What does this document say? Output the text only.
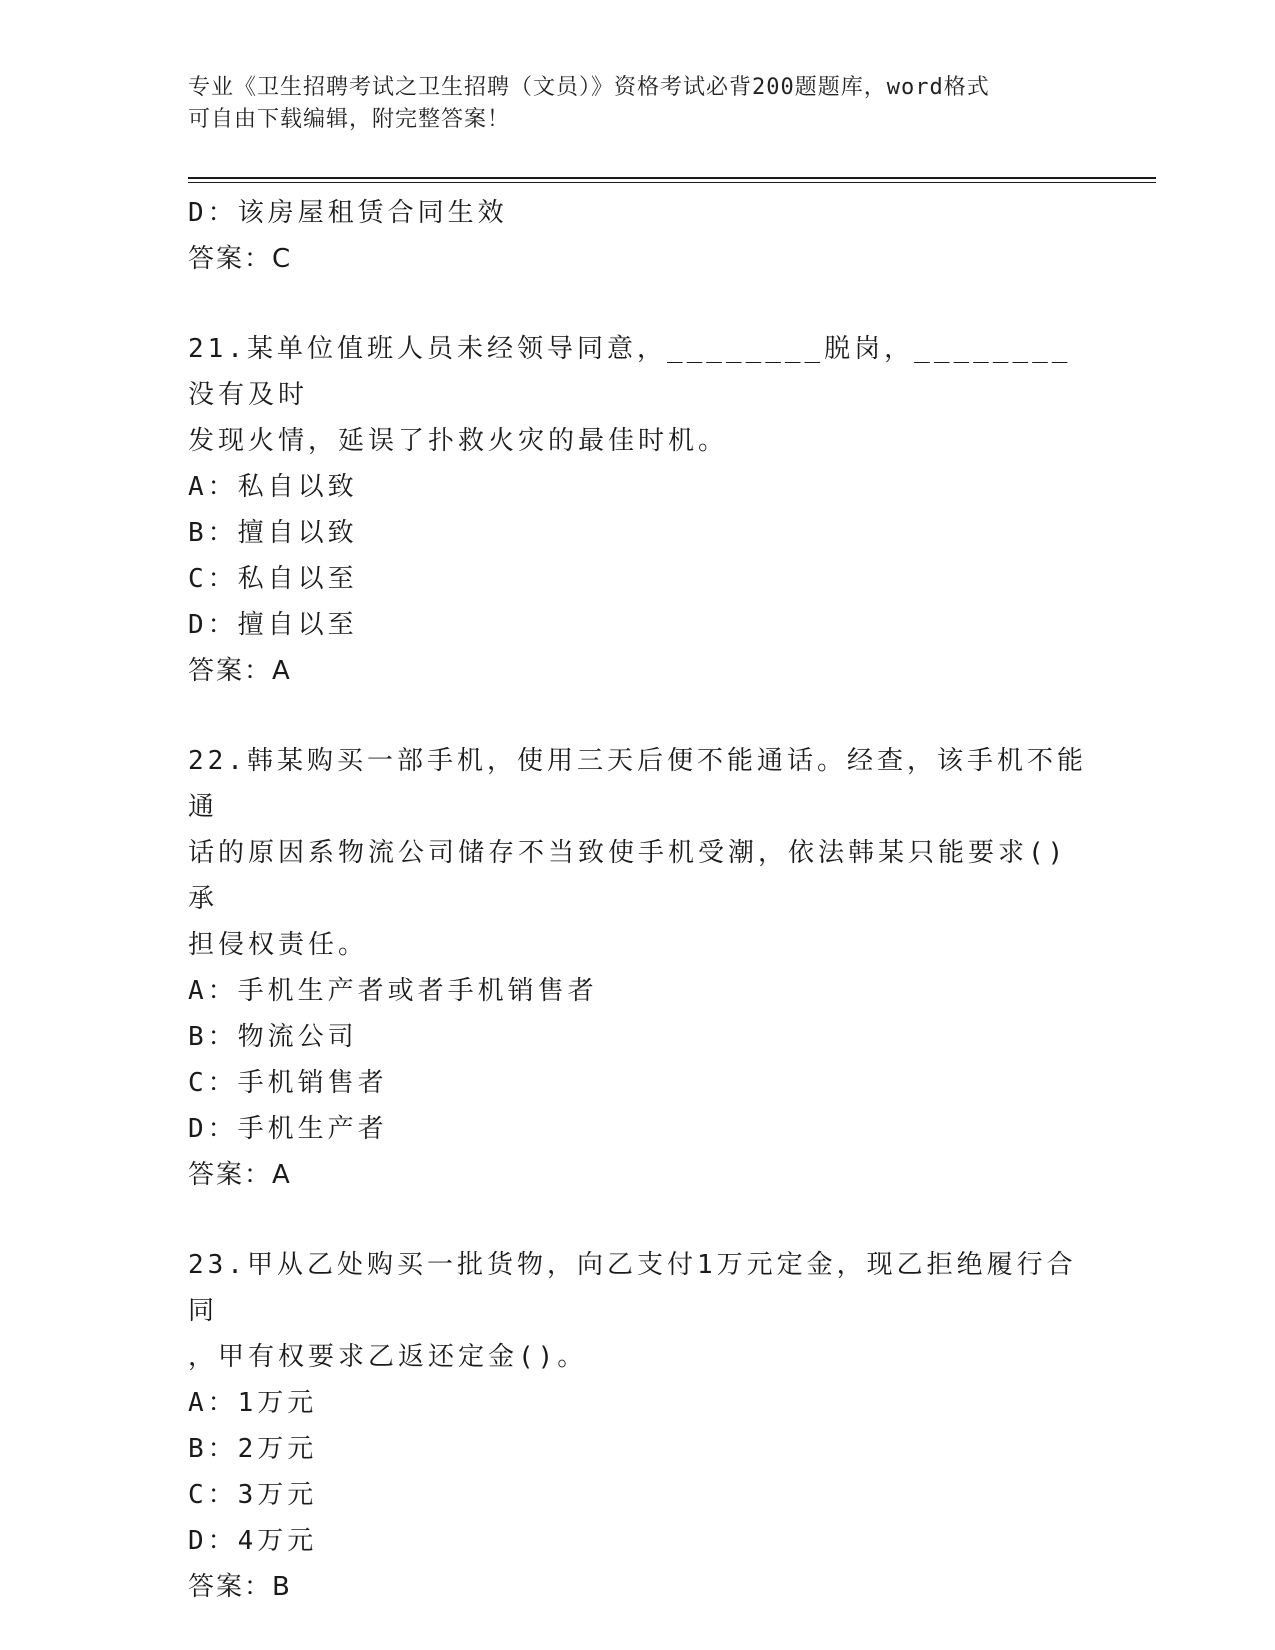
专业《卫生招聘考试之卫生招聘（文员）》资格考试必背200题题库，word格式
可自由下载编辑，附完整答案！
D：该房屋租赁合同生效
答案：C
21.某单位值班人员未经领导同意，________脱岗，________没有及时
发现火情，延误了扑救火灾的最佳时机。
A：私自以致
B：擅自以致
C：私自以至
D：擅自以至
答案：A
22.韩某购买一部手机，使用三天后便不能通话。经查，该手机不能通
话的原因系物流公司储存不当致使手机受潮，依法韩某只能要求()承
担侵权责任。
A：手机生产者或者手机销售者
B：物流公司
C：手机销售者
D：手机生产者
答案：A
23.甲从乙处购买一批货物，向乙支付1万元定金，现乙拒绝履行合同
，甲有权要求乙返还定金()。
A：1万元
B：2万元
C：3万元
D：4万元
答案：B
